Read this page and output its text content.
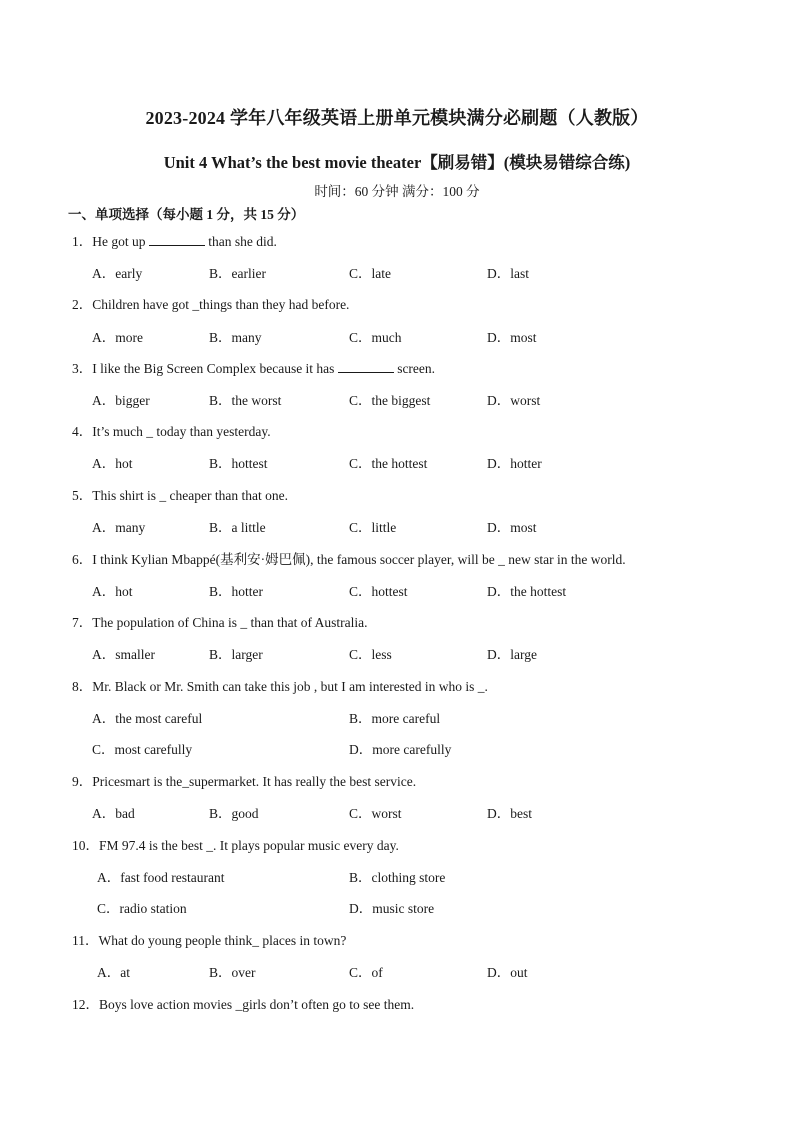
2023-2024 学年八年级英语上册单元模块满分必刷题（人教版）
Unit 4 What’s the best movie theater【刷易错】(模块易错综合练)
时间：60 分钟 满分：100 分
一、单项选择（每小题 1 分，共 15 分）
1．He got up	than she did.
A．early	B．earlier	C．late	D．last
2．Children have got _things than they had before.
A．more	B．many	C．much	D．most
3．I like the Big Screen Complex because it has	screen.
A．bigger	B．the worst	C．the biggest	D．worst
4．It’s much _ today than yesterday.
A．hot	B．hottest	C．the hottest	D．hotter
5．This shirt is _ cheaper than that one.
A．many	B．a little	C．little	D．most
6．I think Kylian Mbappé(基利安·姆巴佩), the famous soccer player, will be _ new star in the world.
A．hot	B．hotter	C．hottest	D．the hottest
7．The population of China is _ than that of Australia.
A．smaller	B．larger	C．less	D．large
8．Mr. Black or Mr. Smith can take this job , but I am interested in who is _.
A．the most careful	B．more careful
C．most carefully	D．more carefully
9．Pricesmart is the_supermarket. It has really the best service.
A．bad	B．good	C．worst	D．best
10．FM 97.4 is the best _. It plays popular music every day.
A．fast food restaurant	B．clothing store
C．radio station	D．music store
11．What do young people think_ places in town?
A．at	B．over	C．of	D．out
12．Boys love action movies _girls don’t often go to see them.
